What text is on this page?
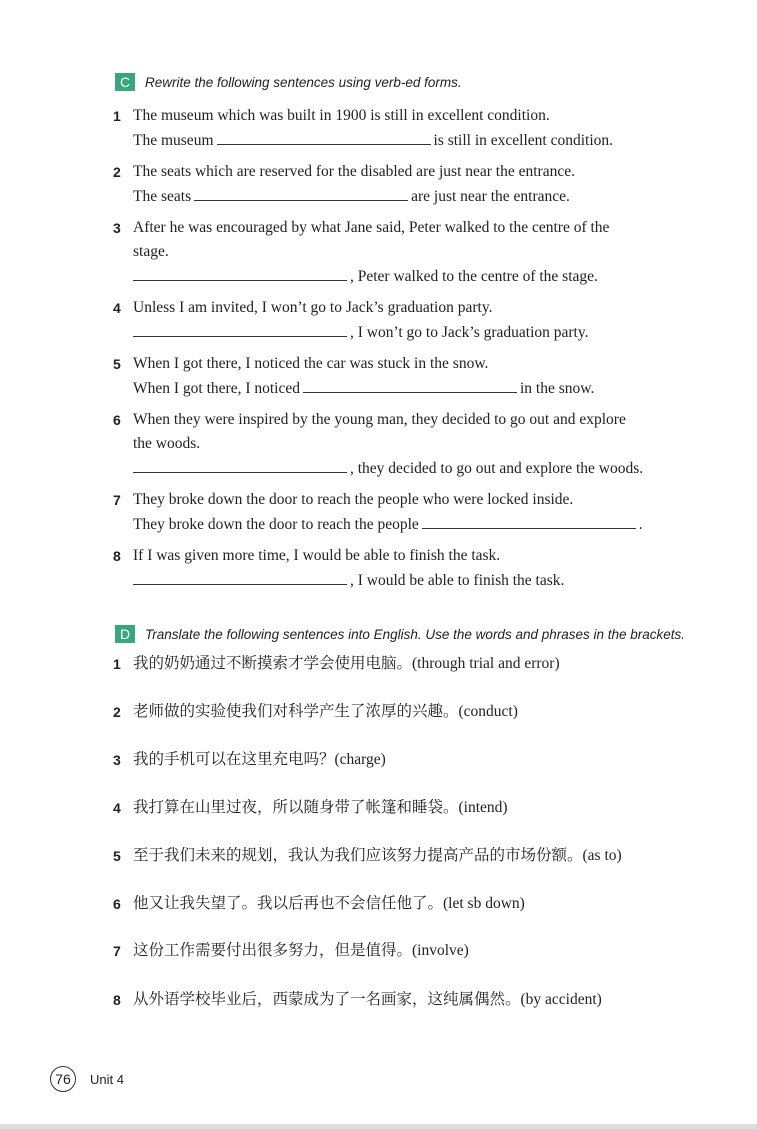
C	Rewrite the following sentences using verb-ed forms.
1 The museum which was built in 1900 is still in excellent condition.
The museum	is still in excellent condition.
2 The seats which are reserved for the disabled are just near the entrance.
The seats	are just near the entrance.
3 After he was encouraged by what Jane said, Peter walked to the centre of the
stage.
, Peter walked to the centre of the stage.
4 Unless I am invited, I won’t go to Jack’s graduation party.
, I won’t go to Jack’s graduation party.
5 When I got there, I noticed the car was stuck in the snow.
When I got there, I noticed	in the snow.
6 When they were inspired by the young man, they decided to go out and explore
the woods.
, they decided to go out and explore the woods.
7 They broke down the door to reach the people who were locked inside.
They broke down the door to reach the people	.
8 If I was given more time, I would be able to finish the task.
, I would be able to finish the task.
D	Translate the following sentences into English. Use the words and phrases in the brackets.
1 我的奶奶通过不断摸索才学会使用电脑。(through trial and error)
2 老师做的实验使我们对科学产生了浓厚的兴趣。(conduct)
3 我的手机可以在这里充电吗？(charge)
4 我打算在山里过夜，所以随身带了帐篷和睡袋。(intend)
5 至于我们未来的规划，我认为我们应该努力提高产品的市场份额。(as to)
6 他又让我失望了。我以后再也不会信任他了。(let sb down)
7 这份工作需要付出很多努力，但是值得。(involve)
8 从外语学校毕业后，西蒙成为了一名画家，这纯属偶然。(by accident)
76	Unit 4
